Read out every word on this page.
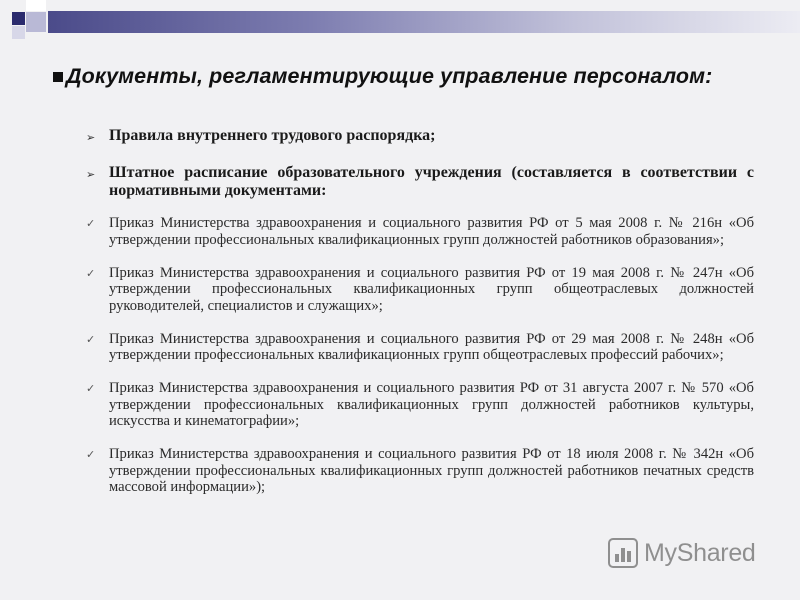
Документы, регламентирующие управление персоналом:
➢ Правила внутреннего трудового распорядка;
➢ Штатное расписание образовательного учреждения (составляется в соответствии с нормативными документами:
✓ Приказ Министерства здравоохранения и социального развития РФ от 5 мая 2008 г. № 216н «Об утверждении профессиональных квалификационных групп должностей работников образования»;
✓ Приказ Министерства здравоохранения и социального развития РФ от 19 мая 2008 г. № 247н «Об утверждении профессиональных квалификационных групп общеотраслевых должностей руководителей, специалистов и служащих»;
✓ Приказ Министерства здравоохранения и социального развития РФ от 29 мая 2008 г. № 248н «Об утверждении профессиональных квалификационных групп общеотраслевых профессий рабочих»;
✓ Приказ Министерства здравоохранения и социального развития РФ от 31 августа 2007 г. № 570 «Об утверждении профессиональных квалификационных групп должностей работников культуры, искусства и кинематографии»;
✓ Приказ Министерства здравоохранения и социального развития РФ от 18 июля 2008 г. № 342н «Об утверждении профессиональных квалификационных групп должностей работников печатных средств массовой информации»);
MyShared
